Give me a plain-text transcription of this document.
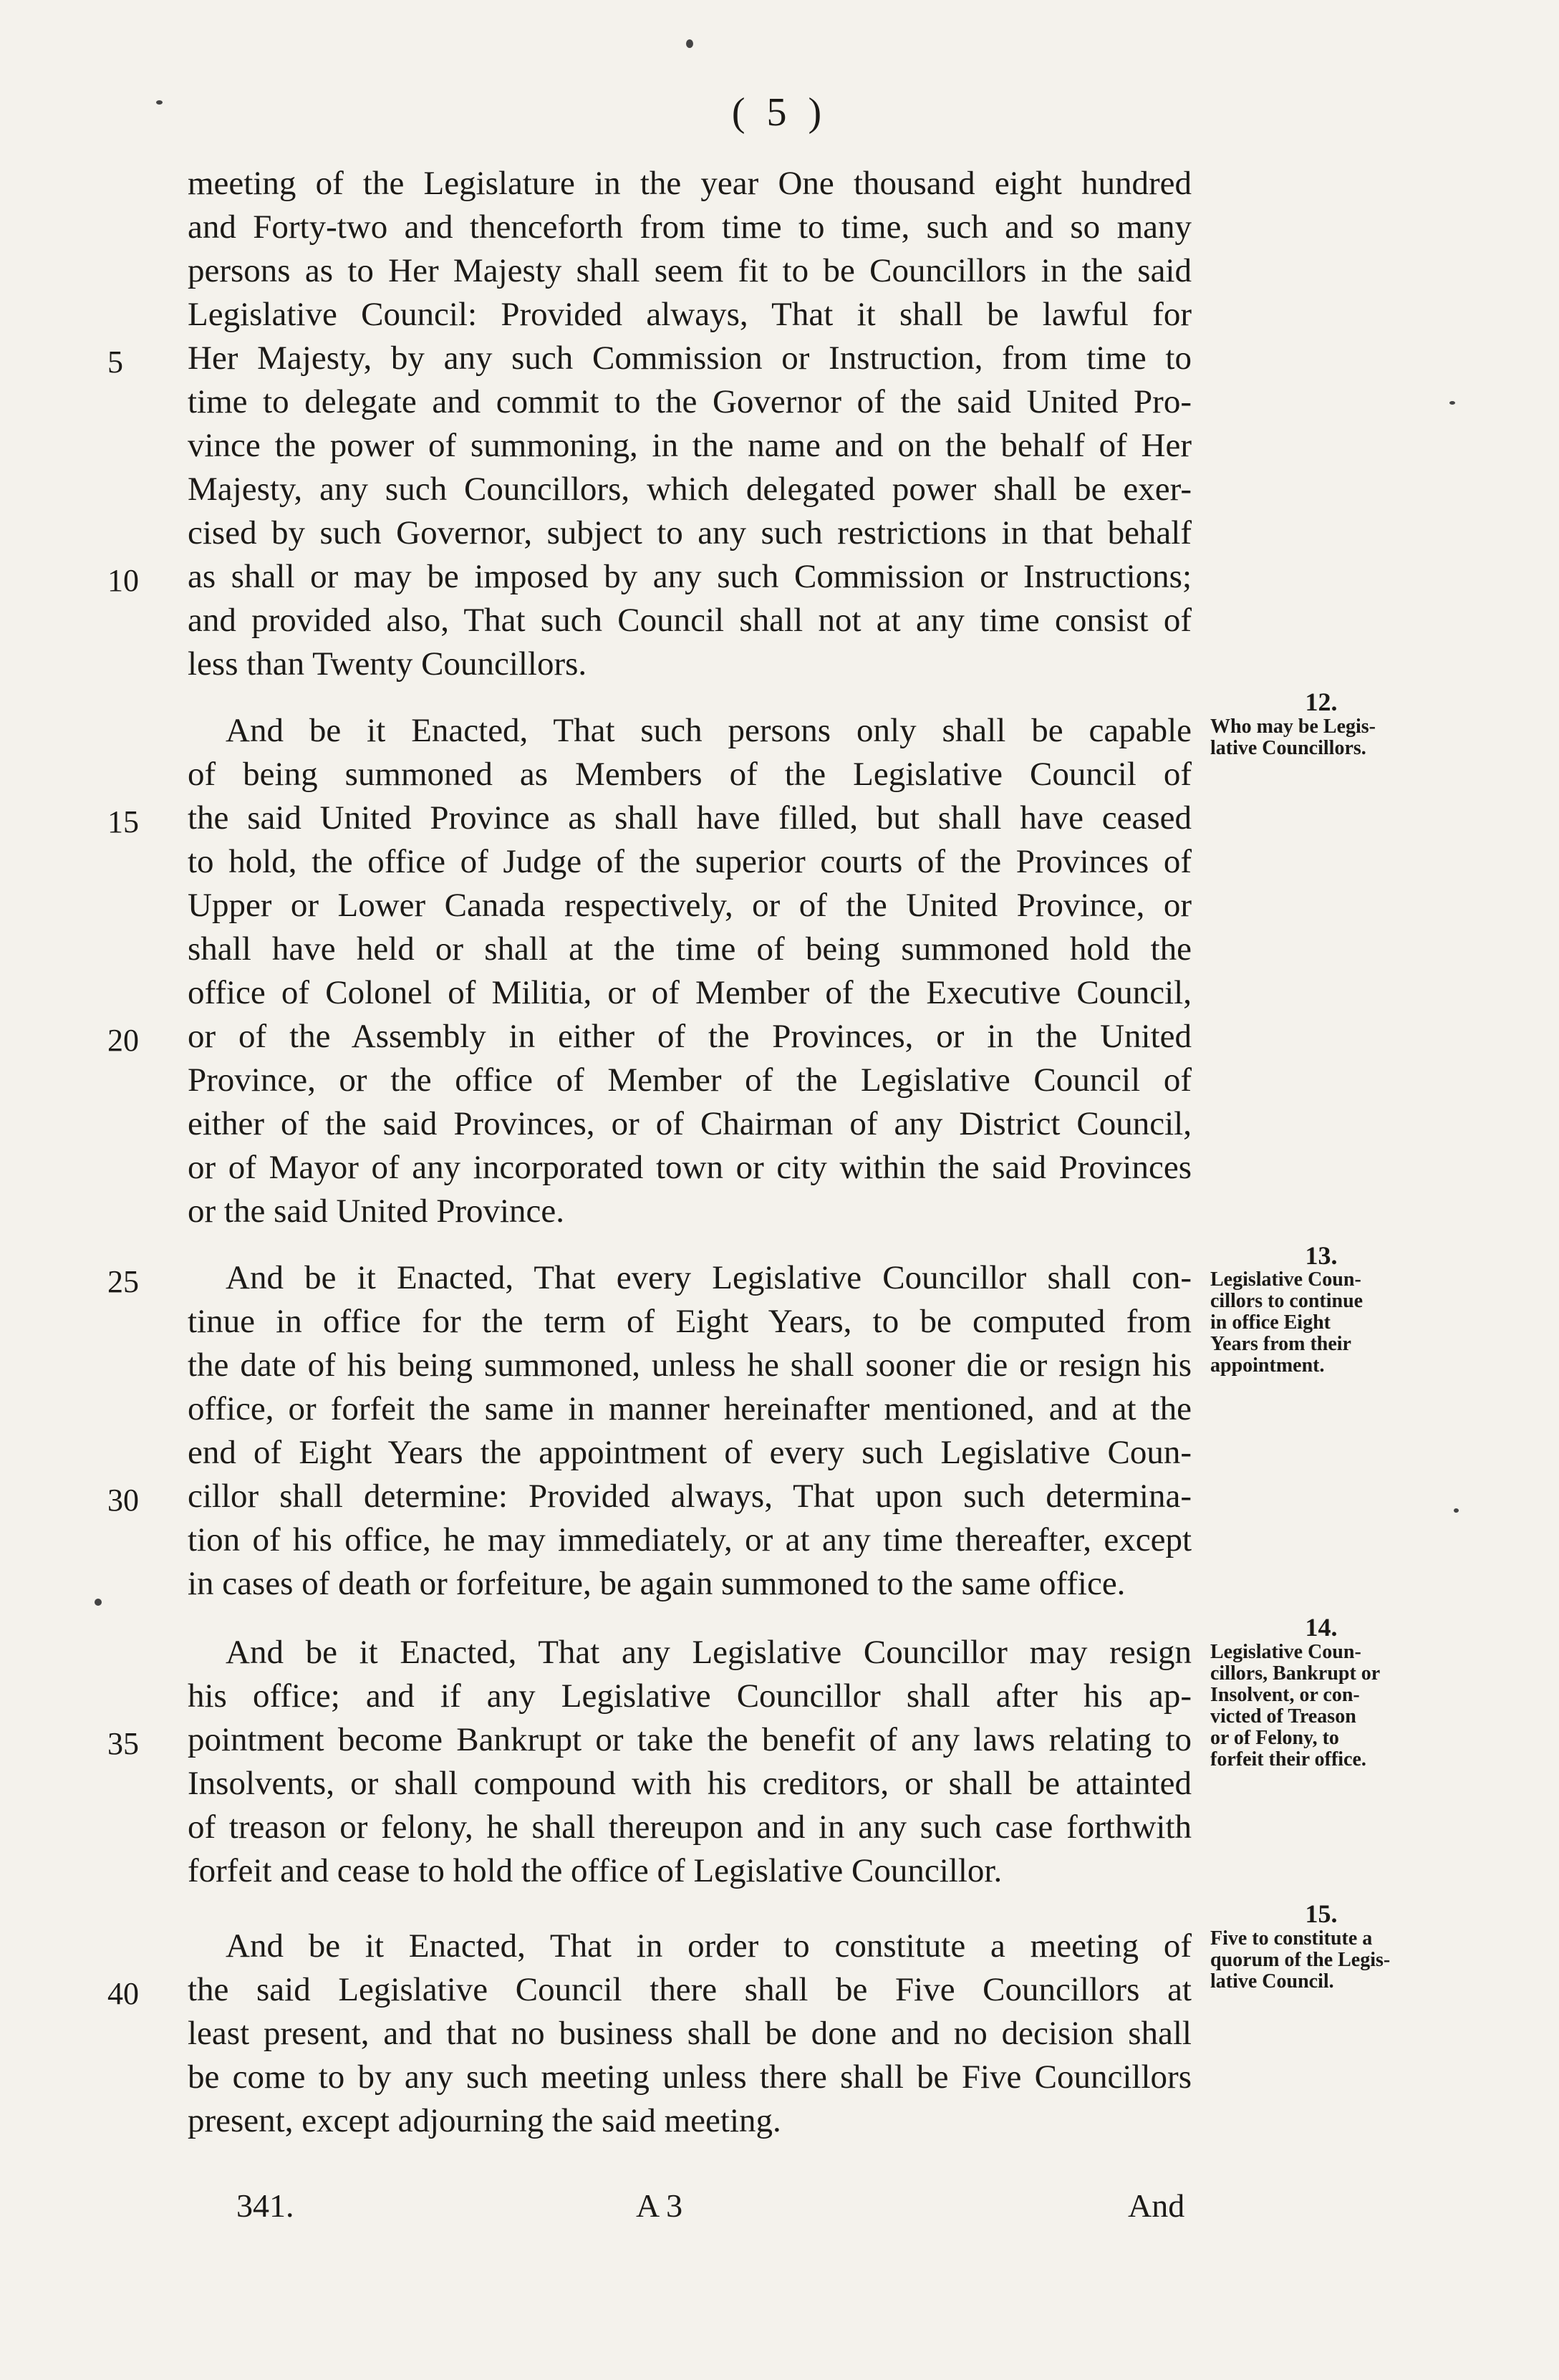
( 5 )
meeting of the Legislature in the year One thousand eight hundred
and Forty-two and thenceforth from time to time, such and so many
persons as to Her Majesty shall seem fit to be Councillors in the said
Legislative Council: Provided always, That it shall be lawful for
Her Majesty, by any such Commission or Instruction, from time to
time to delegate and commit to the Governor of the said United Pro-
vince the power of summoning, in the name and on the behalf of Her
Majesty, any such Councillors, which delegated power shall be exer-
cised by such Governor, subject to any such restrictions in that behalf
as shall or may be imposed by any such Commission or Instructions;
and provided also, That such Council shall not at any time consist of
less than Twenty Councillors.
And be it Enacted, That such persons only shall be capable
of being summoned as Members of the Legislative Council of
the said United Province as shall have filled, but shall have ceased
to hold, the office of Judge of the superior courts of the Provinces of
Upper or Lower Canada respectively, or of the United Province, or
shall have held or shall at the time of being summoned hold the
office of Colonel of Militia, or of Member of the Executive Council,
or of the Assembly in either of the Provinces, or in the United
Province, or the office of Member of the Legislative Council of
either of the said Provinces, or of Chairman of any District Council,
or of Mayor of any incorporated town or city within the said Provinces
or the said United Province.
And be it Enacted, That every Legislative Councillor shall con-
tinue in office for the term of Eight Years, to be computed from
the date of his being summoned, unless he shall sooner die or resign his
office, or forfeit the same in manner hereinafter mentioned, and at the
end of Eight Years the appointment of every such Legislative Coun-
cillor shall determine: Provided always, That upon such determina-
tion of his office, he may immediately, or at any time thereafter, except
in cases of death or forfeiture, be again summoned to the same office.
And be it Enacted, That any Legislative Councillor may resign
his office; and if any Legislative Councillor shall after his ap-
pointment become Bankrupt or take the benefit of any laws relating to
Insolvents, or shall compound with his creditors, or shall be attainted
of treason or felony, he shall thereupon and in any such case forthwith
forfeit and cease to hold the office of Legislative Councillor.
And be it Enacted, That in order to constitute a meeting of
the said Legislative Council there shall be Five Councillors at
least present, and that no business shall be done and no decision shall
be come to by any such meeting unless there shall be Five Councillors
present, except adjourning the said meeting.
5
10
15
20
25
30
35
40
12.
Who may be Legis-
lative Councillors.
13.
Legislative Coun-
cillors to continue
in office Eight
Years from their
appointment.
14.
Legislative Coun-
cillors, Bankrupt or
Insolvent, or con-
victed of Treason
or of Felony, to
forfeit their office.
15.
Five to constitute a
quorum of the Legis-
lative Council.
341.	A 3	And
